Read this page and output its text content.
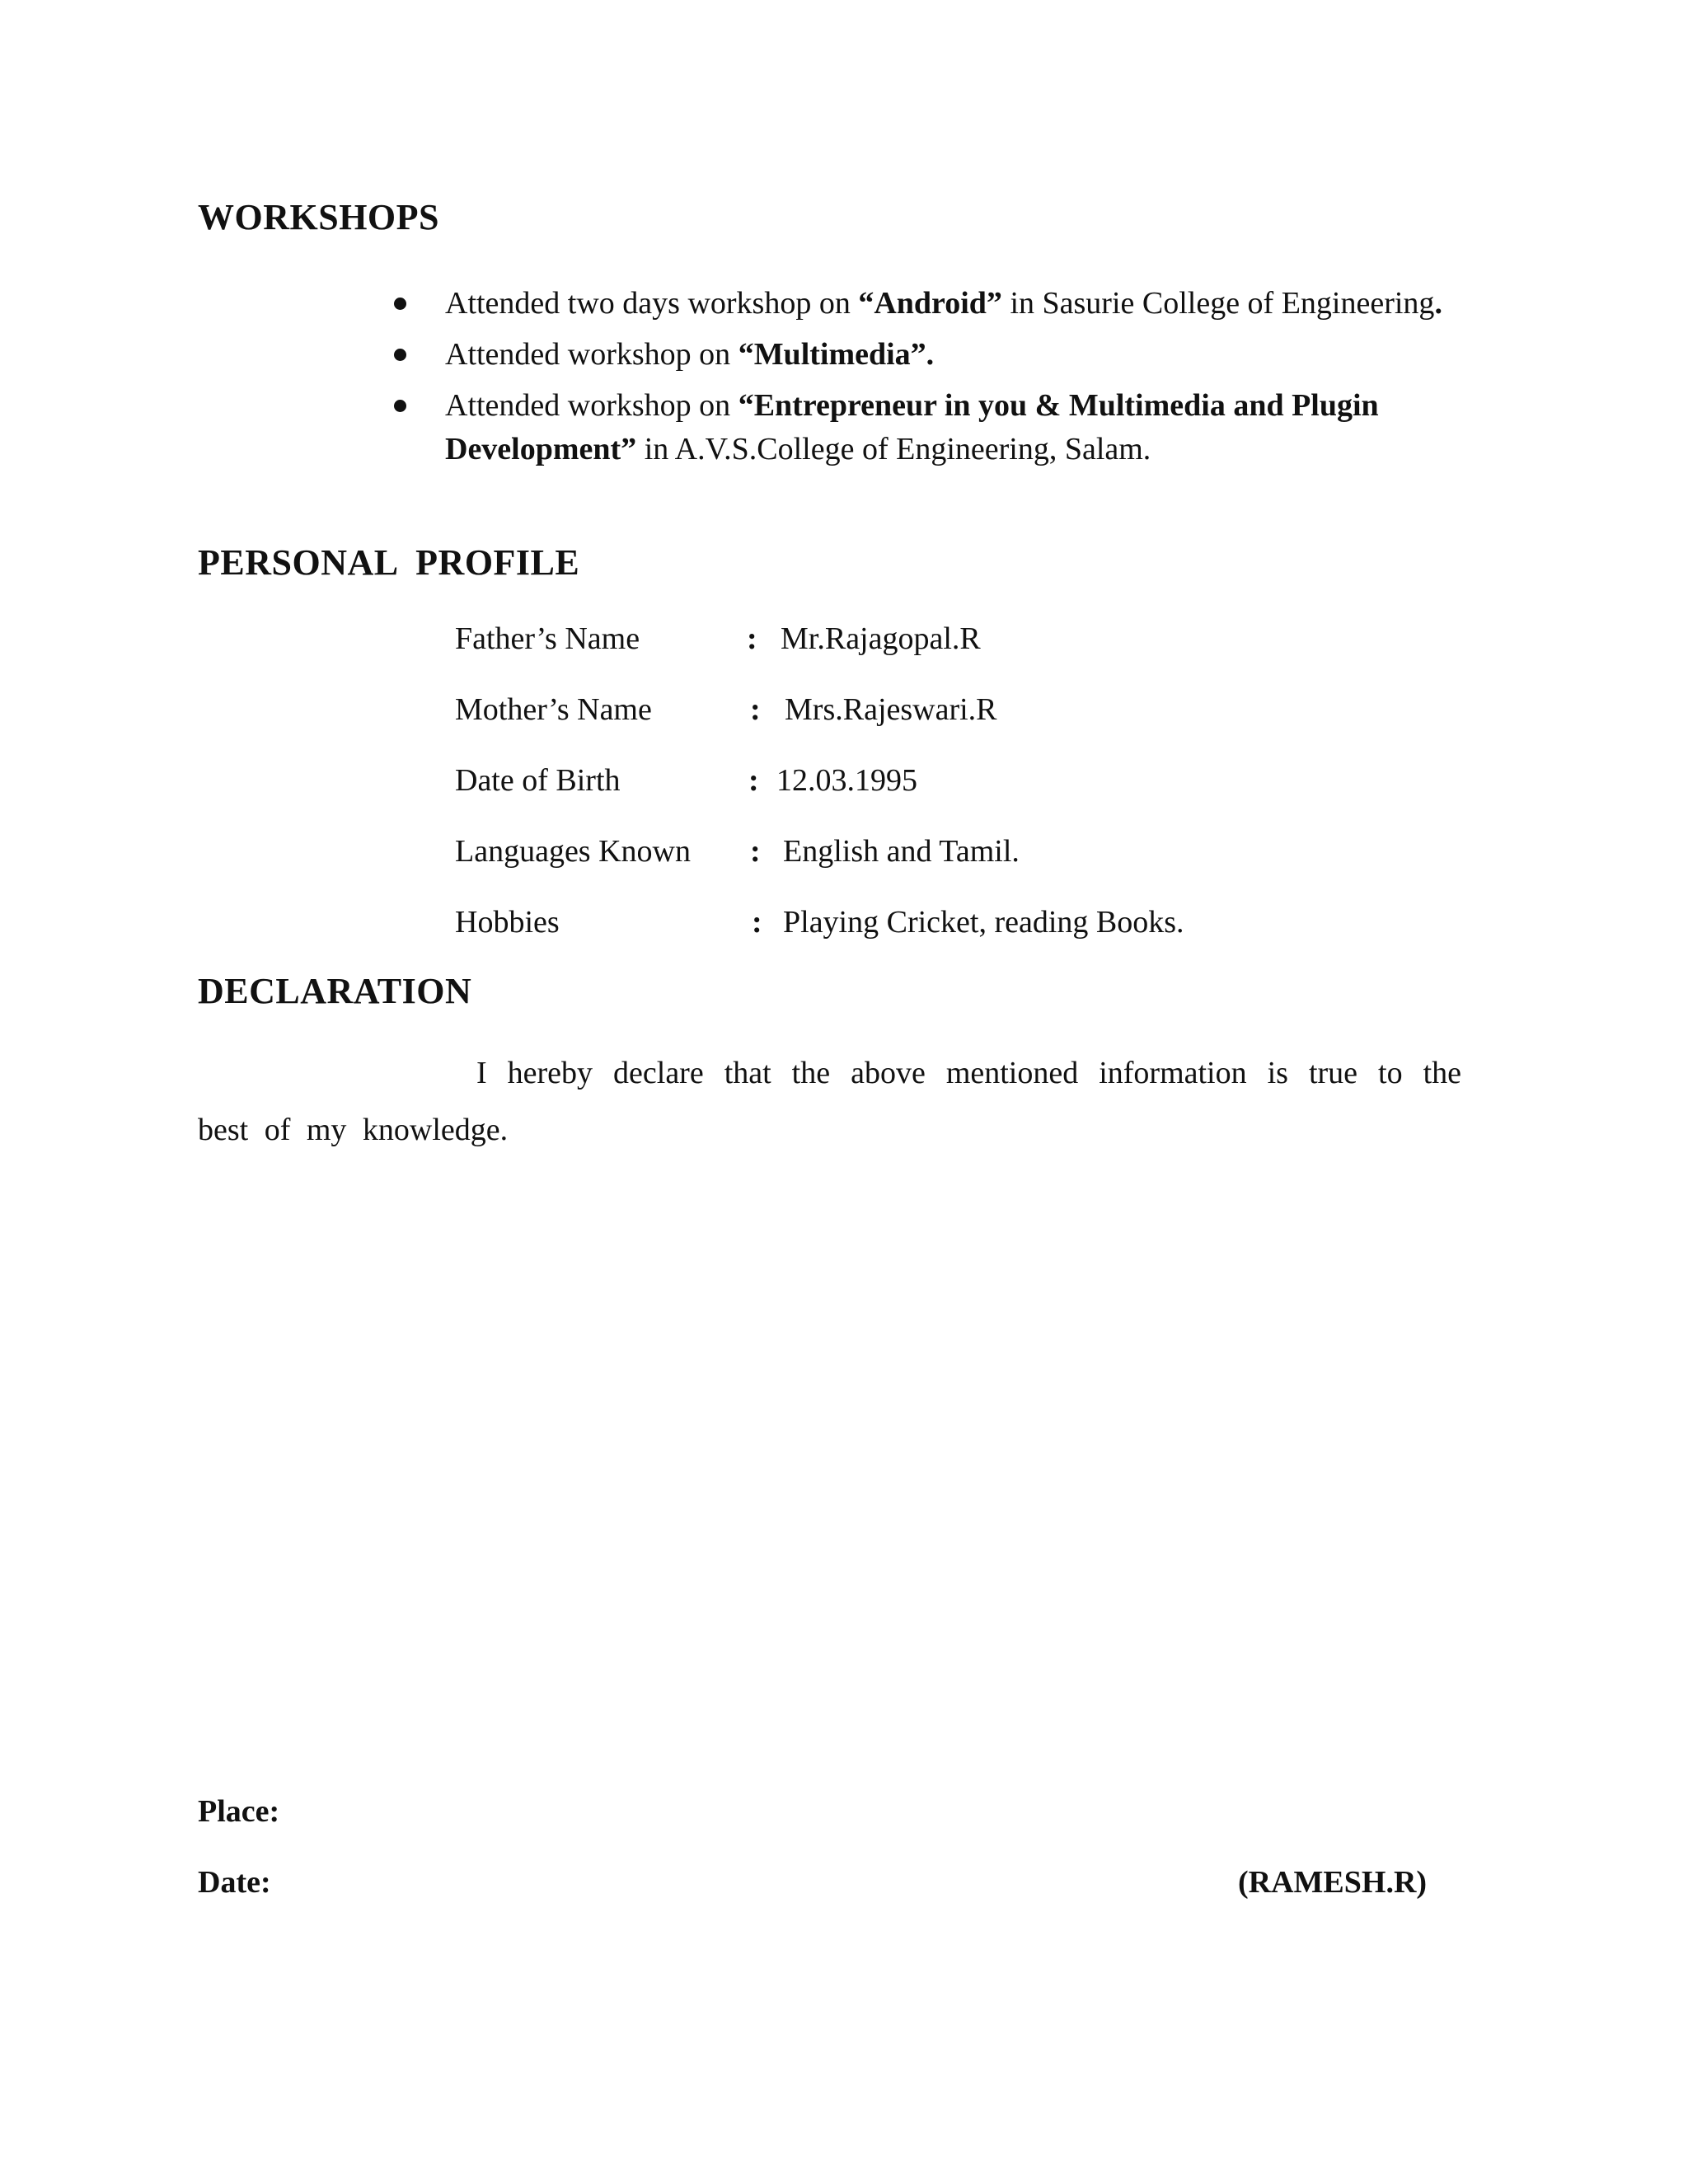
WORKSHOPS
Attended two days workshop on “Android” in Sasurie College of Engineering.
Attended workshop on “Multimedia”.
Attended workshop on “Entrepreneur in you & Multimedia and Plugin Development” in A.V.S.College of Engineering, Salam.
PERSONAL  PROFILE
Father’s Name	: Mr.Rajagopal.R
Mother’s Name	: Mrs.Rajeswari.R
Date of Birth	: 12.03.1995
Languages Known : English and Tamil.
Hobbies	: Playing Cricket, reading Books.
DECLARATION

I hereby declare that the above mentioned information is true to the best of my knowledge.

Place:
Date:	(RAMESH.R)
